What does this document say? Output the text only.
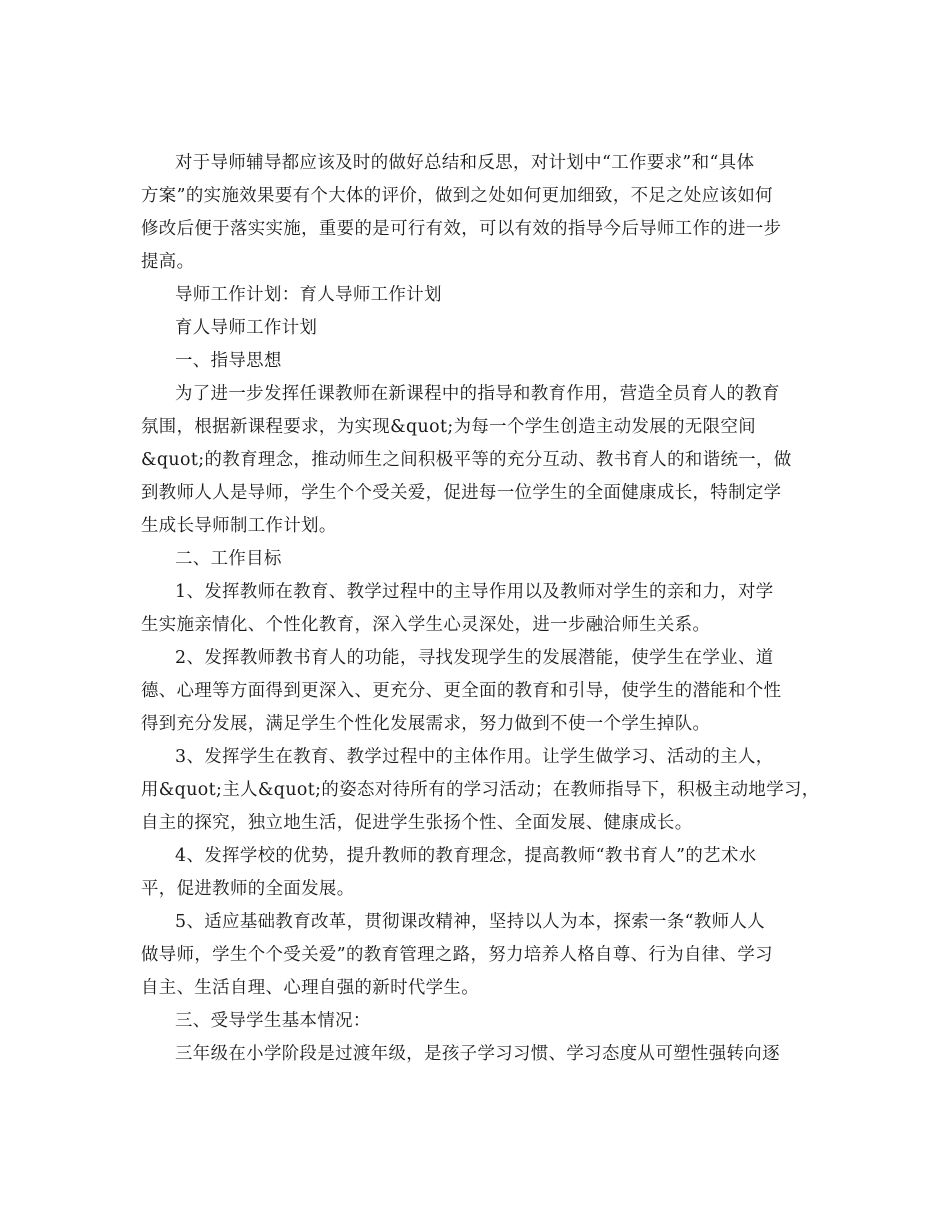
对于导师辅导都应该及时的做好总结和反思，对计划中“工作要求”和“具体
方案”的实施效果要有个大体的评价，做到之处如何更加细致，不足之处应该如何
修改后便于落实实施，重要的是可行有效，可以有效的指导今后导师工作的进一步
提高。
导师工作计划：育人导师工作计划
育人导师工作计划
一、指导思想
为了进一步发挥任课教师在新课程中的指导和教育作用，营造全员育人的教育
氛围，根据新课程要求，为实现&quot;为每一个学生创造主动发展的无限空间
&quot;的教育理念，推动师生之间积极平等的充分互动、教书育人的和谐统一，做
到教师人人是导师，学生个个受关爱，促进每一位学生的全面健康成长，特制定学
生成长导师制工作计划。
二、工作目标
1、发挥教师在教育、教学过程中的主导作用以及教师对学生的亲和力，对学
生实施亲情化、个性化教育，深入学生心灵深处，进一步融洽师生关系。
2、发挥教师教书育人的功能，寻找发现学生的发展潜能，使学生在学业、道
德、心理等方面得到更深入、更充分、更全面的教育和引导，使学生的潜能和个性
得到充分发展，满足学生个性化发展需求，努力做到不使一个学生掉队。
3、发挥学生在教育、教学过程中的主体作用。让学生做学习、活动的主人，
用&quot;主人&quot;的姿态对待所有的学习活动；在教师指导下，积极主动地学习，
自主的探究，独立地生活，促进学生张扬个性、全面发展、健康成长。
4、发挥学校的优势，提升教师的教育理念，提高教师“教书育人”的艺术水
平，促进教师的全面发展。
5、适应基础教育改革，贯彻课改精神，坚持以人为本，探索一条“教师人人
做导师，学生个个受关爱”的教育管理之路，努力培养人格自尊、行为自律、学习
自主、生活自理、心理自强的新时代学生。
三、受导学生基本情况：
三年级在小学阶段是过渡年级，是孩子学习习惯、学习态度从可塑性强转向逐
